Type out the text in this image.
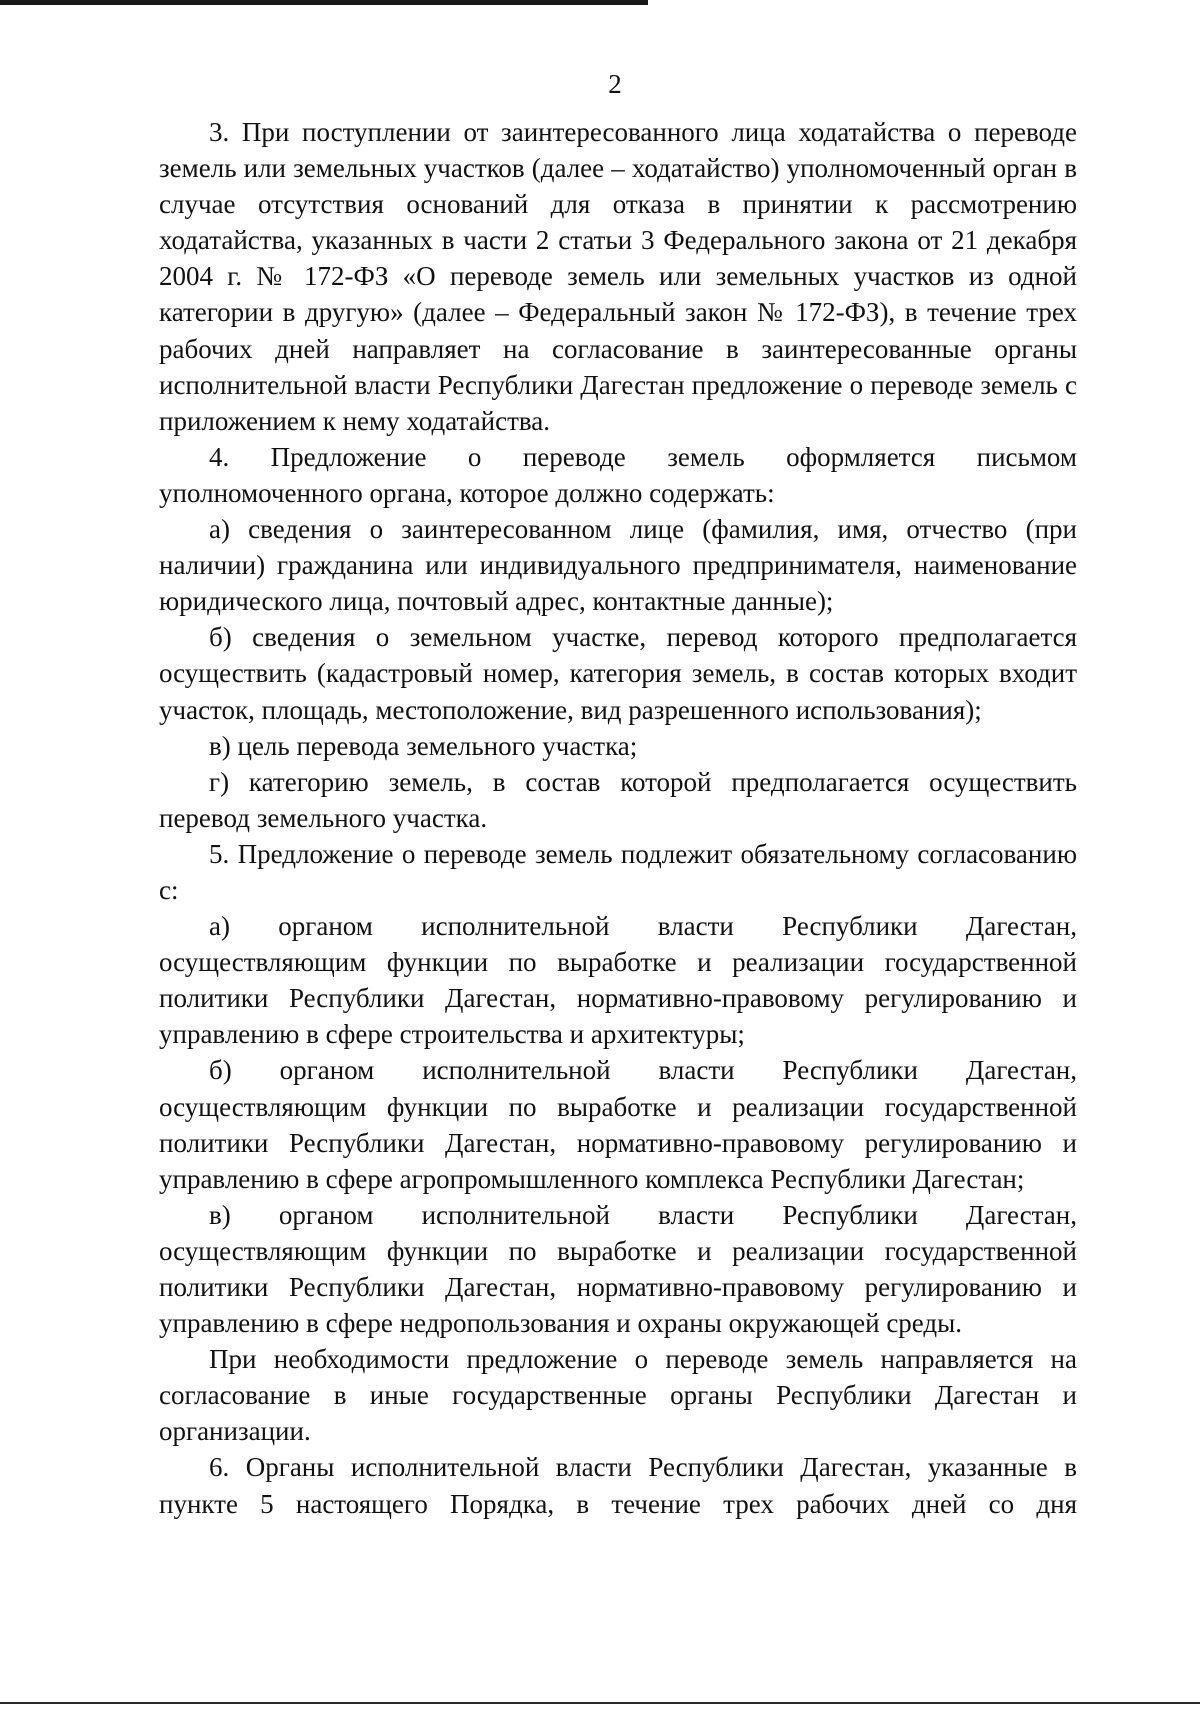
2

3. При поступлении от заинтересованного лица ходатайства о переводе земель или земельных участков (далее – ходатайство) уполномоченный орган в случае отсутствия оснований для отказа в принятии к рассмотрению ходатайства, указанных в части 2 статьи 3 Федерального закона от 21 декабря 2004 г. № 172-ФЗ «О переводе земель или земельных участков из одной категории в другую» (далее – Федеральный закон № 172-ФЗ), в течение трех рабочих дней направляет на согласование в заинтересованные органы исполнительной власти Республики Дагестан предложение о переводе земель с приложением к нему ходатайства.

4. Предложение о переводе земель оформляется письмом уполномоченного органа, которое должно содержать:

а) сведения о заинтересованном лице (фамилия, имя, отчество (при наличии) гражданина или индивидуального предпринимателя, наименование юридического лица, почтовый адрес, контактные данные);

б) сведения о земельном участке, перевод которого предполагается осуществить (кадастровый номер, категория земель, в состав которых входит участок, площадь, местоположение, вид разрешенного использования);

в) цель перевода земельного участка;

г) категорию земель, в состав которой предполагается осуществить перевод земельного участка.

5. Предложение о переводе земель подлежит обязательному согласованию с:

а) органом исполнительной власти Республики Дагестан, осуществляющим функции по выработке и реализации государственной политики Республики Дагестан, нормативно-правовому регулированию и управлению в сфере строительства и архитектуры;

б) органом исполнительной власти Республики Дагестан, осуществляющим функции по выработке и реализации государственной политики Республики Дагестан, нормативно-правовому регулированию и управлению в сфере агропромышленного комплекса Республики Дагестан;

в) органом исполнительной власти Республики Дагестан, осуществляющим функции по выработке и реализации государственной политики Республики Дагестан, нормативно-правовому регулированию и управлению в сфере недропользования и охраны окружающей среды.

При необходимости предложение о переводе земель направляется на согласование в иные государственные органы Республики Дагестан и организации.

6. Органы исполнительной власти Республики Дагестан, указанные в пункте 5 настоящего Порядка, в течение трех рабочих дней со дня
